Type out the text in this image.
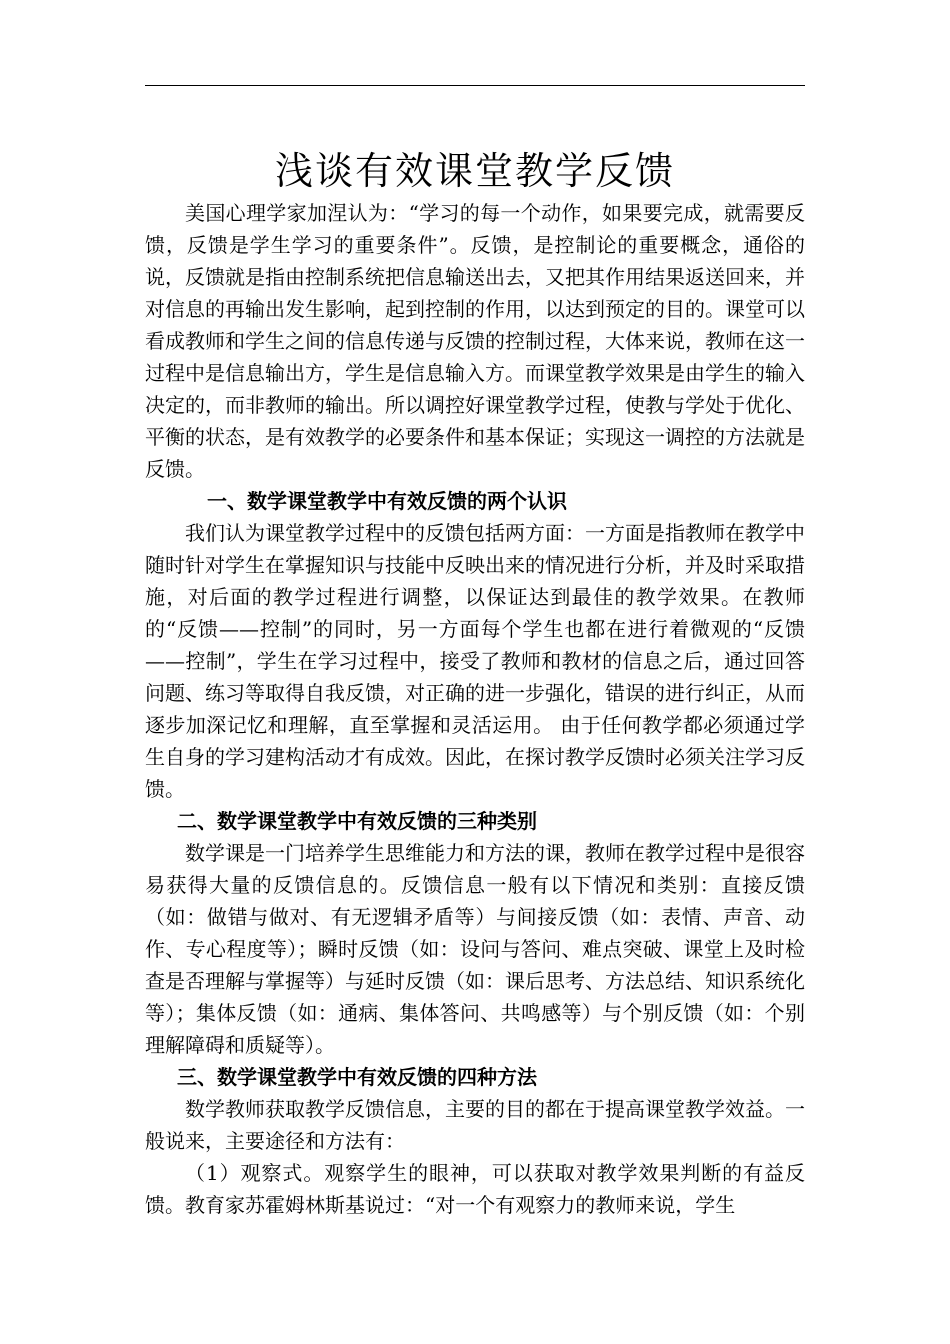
浅谈有效课堂教学反馈

美国心理学家加涅认为：“学习的每一个动作，如果要完成，就需要反馈，反馈是学生学习的重要条件”。反馈，是控制论的重要概念，通俗的说，反馈就是指由控制系统把信息输送出去，又把其作用结果返送回来，并对信息的再输出发生影响，起到控制的作用，以达到预定的目的。课堂可以看成教师和学生之间的信息传递与反馈的控制过程，大体来说，教师在这一过程中是信息输出方，学生是信息输入方。而课堂教学效果是由学生的输入决定的，而非教师的输出。所以调控好课堂教学过程，使教与学处于优化、平衡的状态，是有效教学的必要条件和基本保证；实现这一调控的方法就是反馈。

一、数学课堂教学中有效反馈的两个认识

我们认为课堂教学过程中的反馈包括两方面：一方面是指教师在教学中随时针对学生在掌握知识与技能中反映出来的情况进行分析，并及时采取措施，对后面的教学过程进行调整，以保证达到最佳的教学效果。在教师的“反馈——控制”的同时，另一方面每个学生也都在进行着微观的“反馈——控制”，学生在学习过程中，接受了教师和教材的信息之后，通过回答问题、练习等取得自我反馈，对正确的进一步强化，错误的进行纠正，从而逐步加深记忆和理解，直至掌握和灵活运用。 由于任何教学都必须通过学生自身的学习建构活动才有成效。因此，在探讨教学反馈时必须关注学习反馈。

二、数学课堂教学中有效反馈的三种类别

数学课是一门培养学生思维能力和方法的课，教师在教学过程中是很容易获得大量的反馈信息的。反馈信息一般有以下情况和类别：直接反馈（如：做错与做对、有无逻辑矛盾等）与间接反馈（如：表情、声音、动作、专心程度等）；瞬时反馈（如：设问与答问、难点突破、课堂上及时检查是否理解与掌握等）与延时反馈（如：课后思考、方法总结、知识系统化等）；集体反馈（如：通病、集体答问、共鸣感等）与个别反馈（如：个别理解障碍和质疑等）。

三、数学课堂教学中有效反馈的四种方法

数学教师获取教学反馈信息，主要的目的都在于提高课堂教学效益。一般说来，主要途径和方法有：

（1）观察式。观察学生的眼神，可以获取对教学效果判断的有益反馈。教育家苏霍姆林斯基说过：“对一个有观察力的教师来说，学生
